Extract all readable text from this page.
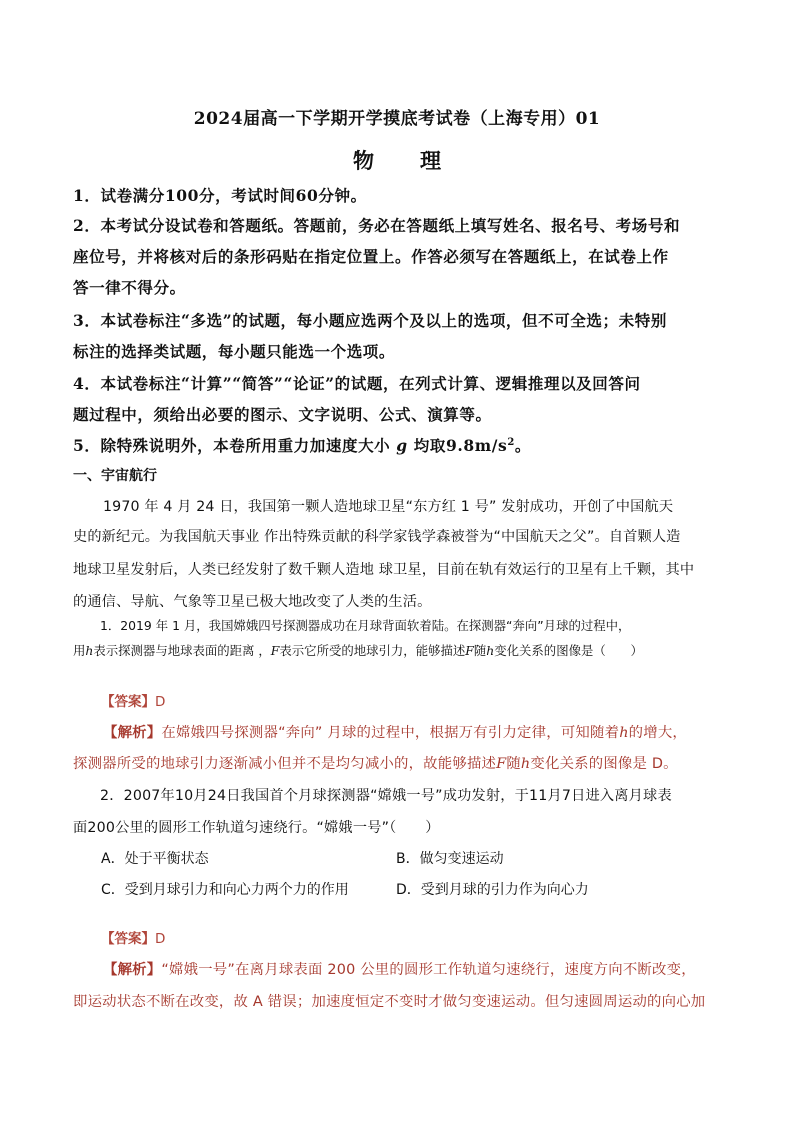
2024届高一下学期开学摸底考试卷（上海专用）01
物 理
1．试卷满分100分，考试时间60分钟。
2．本考试分设试卷和答题纸。答题前，务必在答题纸上填写姓名、报名号、考场号和
座位号，并将核对后的条形码贴在指定位置上。作答必须写在答题纸上，在试卷上作
答一律不得分。
3．本试卷标注“多选”的试题，每小题应选两个及以上的选项，但不可全选；未特别
标注的选择类试题，每小题只能选一个选项。
4．本试卷标注“计算”“简答”“论证”的试题，在列式计算、逻辑推理以及回答问
题过程中，须给出必要的图示、文字说明、公式、演算等。
5．除特殊说明外，本卷所用重力加速度大小 g 均取$9.8m/s^2$。
一、宇宙航行
1970 年 4 月 24 日，我国第一颗人造地球卫星“东方红 1 号” 发射成功，开创了中国航天
史的新纪元。为我国航天事业 作出特殊贡献的科学家钱学森被誉为“中国航天之父”。自首颗人造
地球卫星发射后，人类已经发射了数千颗人造地 球卫星，目前在轨有效运行的卫星有上千颗，其中
的通信、导航、气象等卫星已极大地改变了人类的生活。
1．2019 年 1 月，我国嫦娥四号探测器成功在月球背面软着陆。在探测器“奔向”月球的过程中，
用h表示探测器与地球表面的距离 ，F表示它所受的地球引力，能够描述F随h变化关系的图像是（　　）
【答案】D
【解析】在嫦娥四号探测器“奔向” 月球的过程中，根据万有引力定律，可知随着h的增大，
探测器所受的地球引力逐渐减小但并不是均匀减小的，故能够描述F随h变化关系的图像是 D。
2．2007年10月24日我国首个月球探测器“嫦娥一号”成功发射，于11月7日进入离月球表
面200公里的圆形工作轨道匀速绕行。“嫦娥一号”（　　）
A．处于平衡状态	B．做匀变速运动
C．受到月球引力和向心力两个力的作用	D．受到月球的引力作为向心力
【答案】D
【解析】“嫦娥一号”在离月球表面 200 公里的圆形工作轨道匀速绕行，速度方向不断改变，
即运动状态不断在改变，故 A 错误；加速度恒定不变时才做匀变速运动。但匀速圆周运动的向心加
